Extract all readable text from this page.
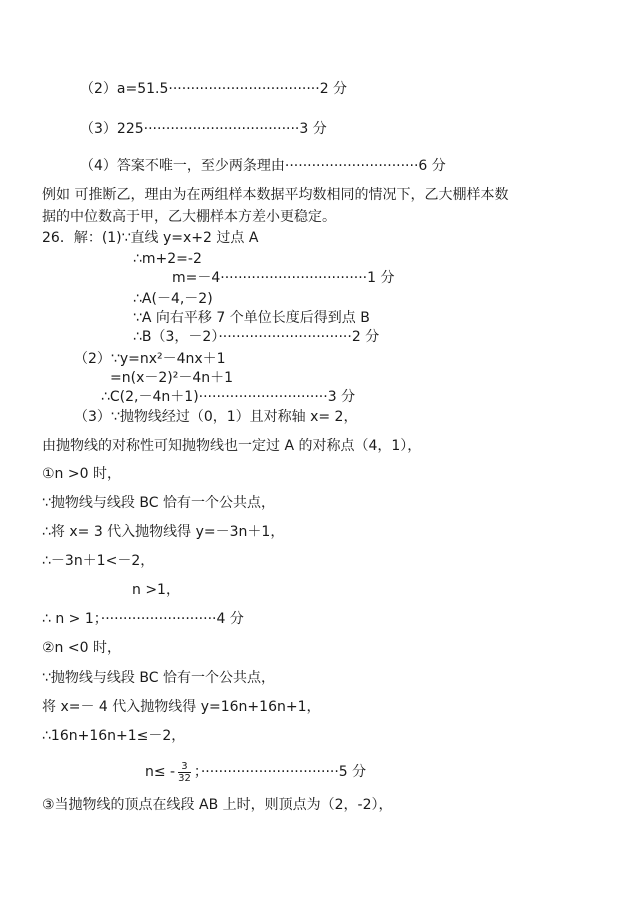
（2）a=51.5··································2 分
（3）225···································3 分
（4）答案不唯一，至少两条理由······························6 分
例如 可推断乙，理由为在两组样本数据平均数相同的情况下，乙大棚样本数
据的中位数高于甲，乙大棚样本方差小更稳定。
26．解：(1)∵直线 y=x+2 过点 A
∴m+2=-2
m=－4·································1 分
∴A(－4,－2)
∵A 向右平移 7 个单位长度后得到点 B
∴B（3，－2）······························2 分
（2）∵y=nx²－4nx＋1
=n(x－2)²－4n＋1
∴C(2,－4n＋1)·····························3 分
（3）∵抛物线经过（0，1）且对称轴 x= 2，
由抛物线的对称性可知抛物线也一定过 A 的对称点（4，1），
①n >0 时，
∵抛物线与线段 BC 恰有一个公共点，
∴将 x= 3 代入抛物线得 y=－3n＋1，
∴－3n＋1<－2，
n >1，
∴ n > 1；··························4 分
②n <0 时，
∵抛物线与线段 BC 恰有一个公共点，
将 x=－ 4 代入抛物线得 y=16n+16n+1，
∴16n+16n+1≤－2，
$n\le - \frac{3}{32}$ ；·······························5 分
③当抛物线的顶点在线段 AB 上时，则顶点为（2，-2），
